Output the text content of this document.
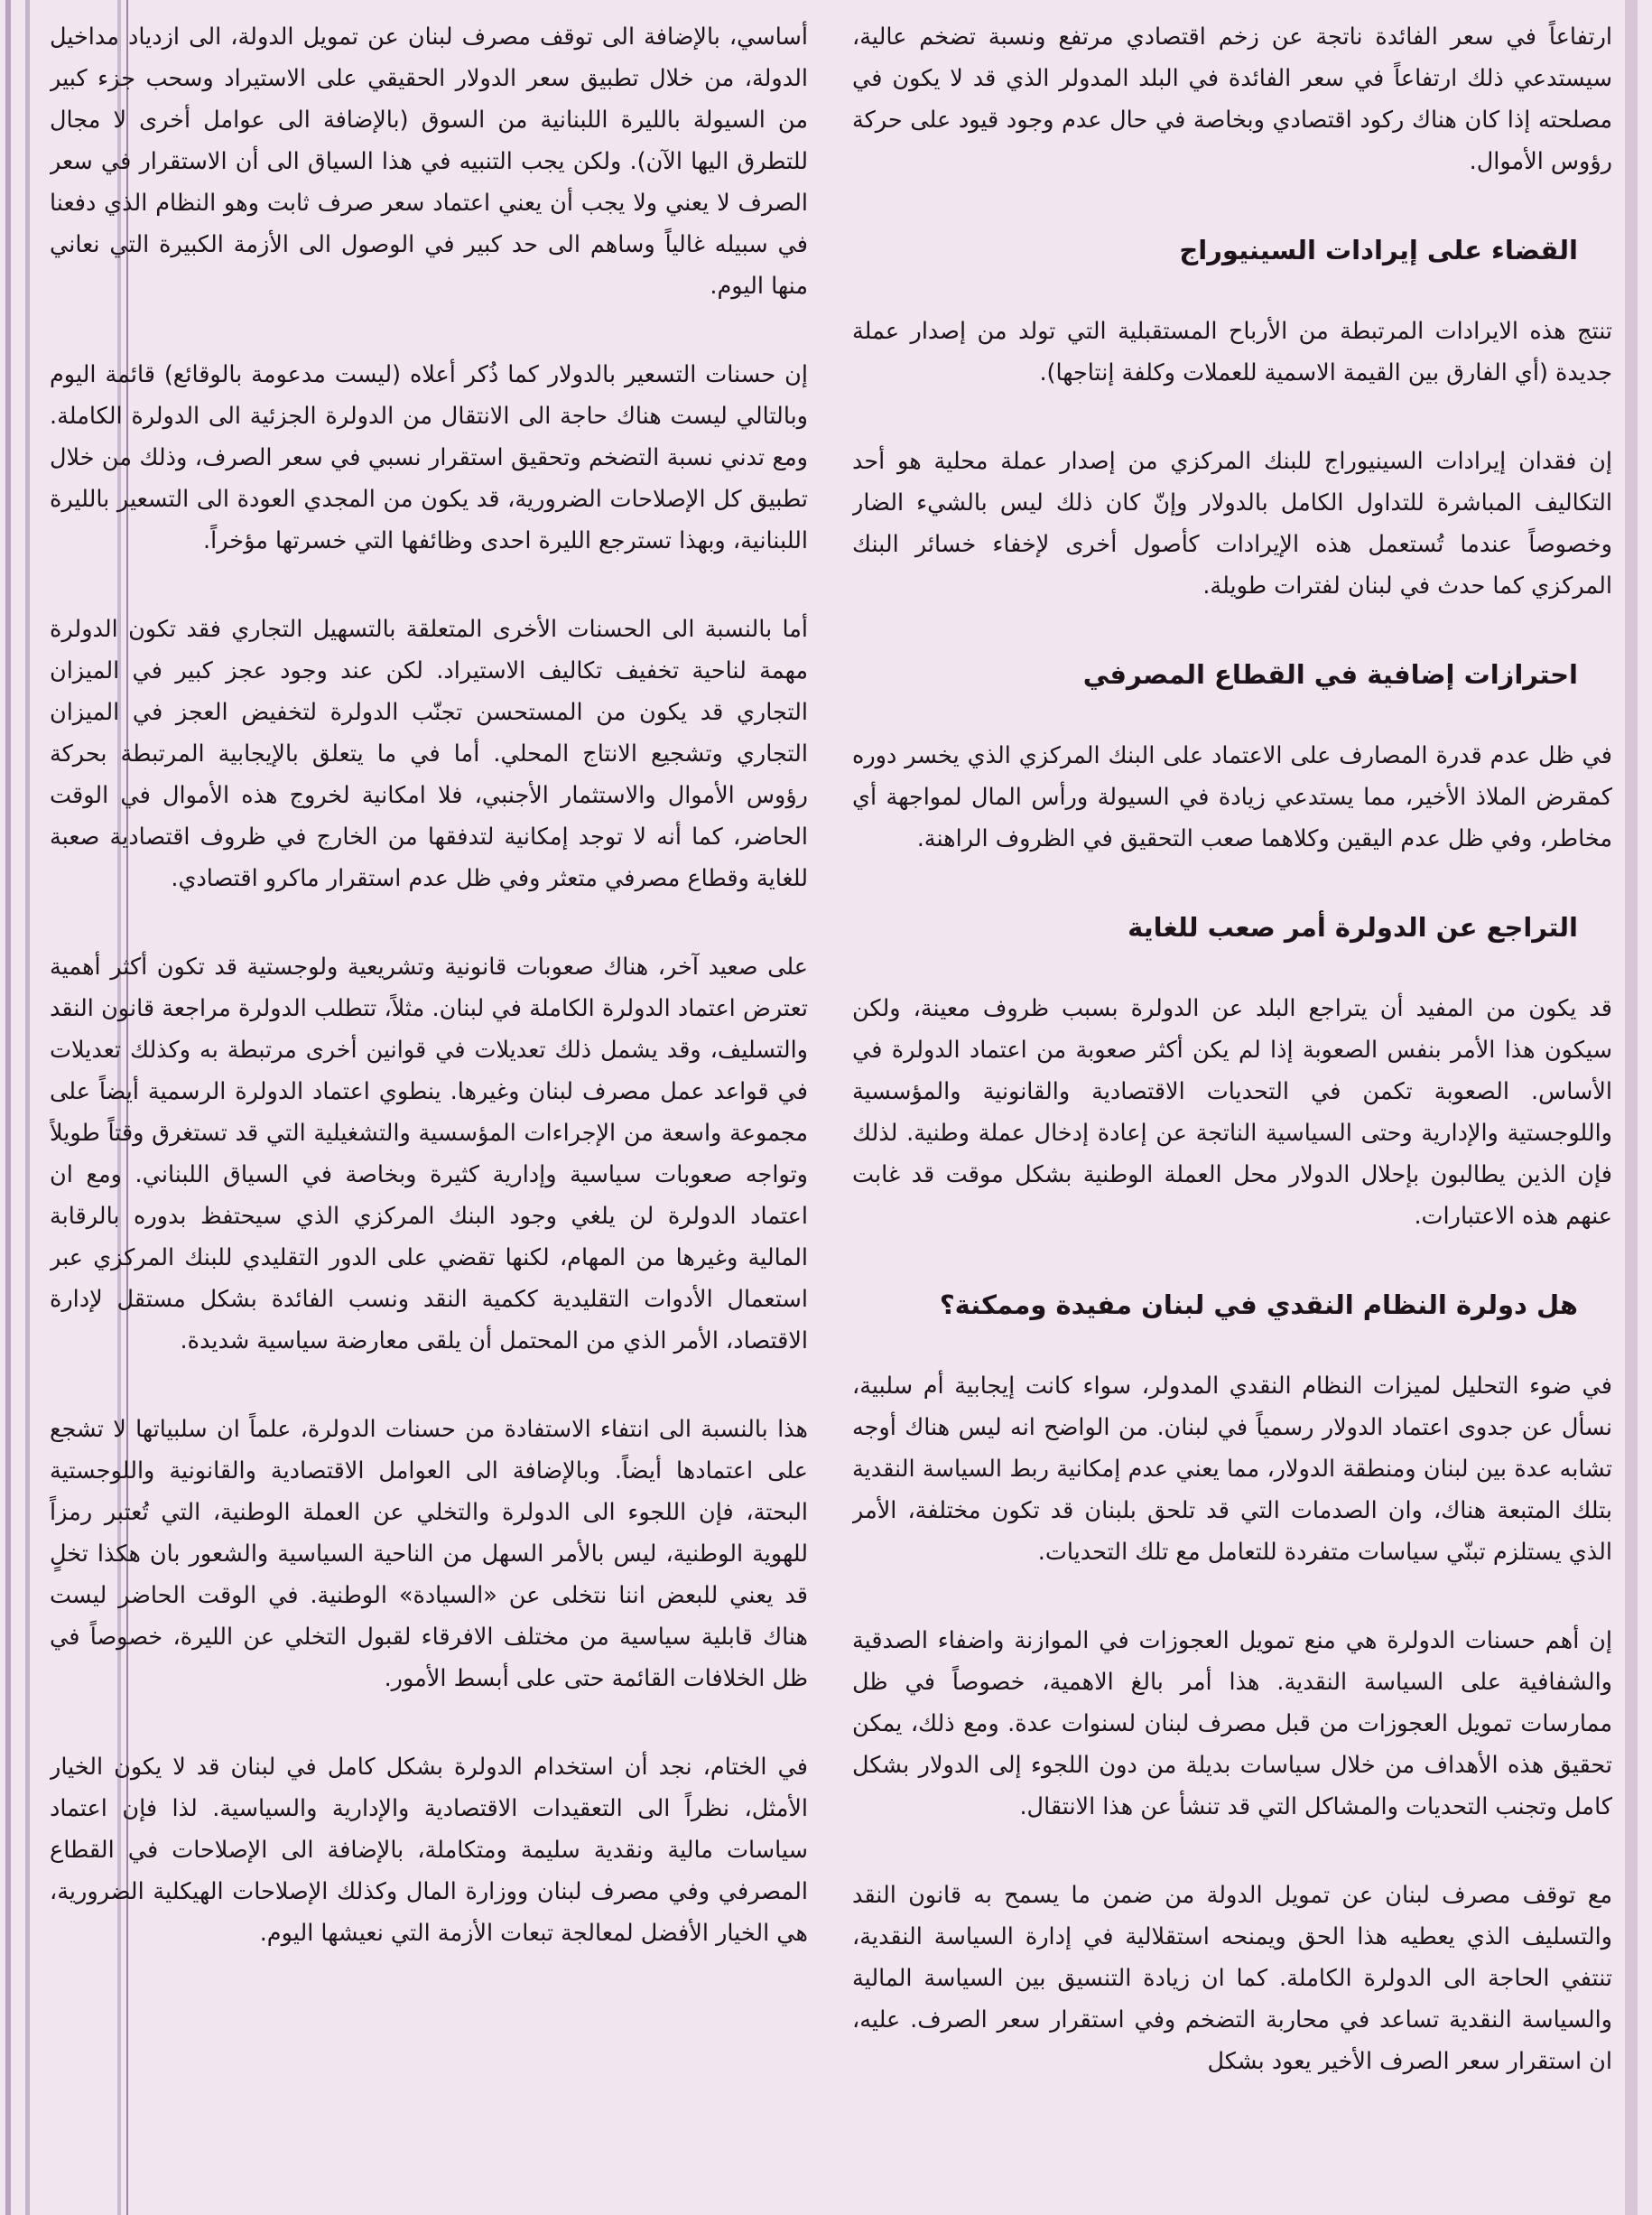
ارتفاعاً في سعر الفائدة ناتجة عن زخم اقتصادي مرتفع ونسبة تضخم عالية، سيستدعي ذلك ارتفاعاً في سعر الفائدة في البلد المدولر الذي قد لا يكون في مصلحته إذا كان هناك ركود اقتصادي وبخاصة في حال عدم وجود قيود على حركة رؤوس الأموال.

القضاء على إيرادات السينيوراج

تنتج هذه الايرادات المرتبطة من الأرباح المستقبلية التي تولد من إصدار عملة جديدة (أي الفارق بين القيمة الاسمية للعملات وكلفة إنتاجها).

إن فقدان إيرادات السينيوراج للبنك المركزي من إصدار عملة محلية هو أحد التكاليف المباشرة للتداول الكامل بالدولار وإنّ كان ذلك ليس بالشيء الضار وخصوصاً عندما تُستعمل هذه الإيرادات كأصول أخرى لإخفاء خسائر البنك المركزي كما حدث في لبنان لفترات طويلة.

احترازات إضافية في القطاع المصرفي

في ظل عدم قدرة المصارف على الاعتماد على البنك المركزي الذي يخسر دوره كمقرض الملاذ الأخير، مما يستدعي زيادة في السيولة ورأس المال لمواجهة أي مخاطر، وفي ظل عدم اليقين وكلاهما صعب التحقيق في الظروف الراهنة.

التراجع عن الدولرة أمر صعب للغاية

قد يكون من المفيد أن يتراجع البلد عن الدولرة بسبب ظروف معينة، ولكن سيكون هذا الأمر بنفس الصعوبة إذا لم يكن أكثر صعوبة من اعتماد الدولرة في الأساس. الصعوبة تكمن في التحديات الاقتصادية والقانونية والمؤسسية واللوجستية والإدارية وحتى السياسية الناتجة عن إعادة إدخال عملة وطنية. لذلك فإن الذين يطالبون بإحلال الدولار محل العملة الوطنية بشكل موقت قد غابت عنهم هذه الاعتبارات.

هل دولرة النظام النقدي في لبنان مفيدة وممكنة؟

في ضوء التحليل لميزات النظام النقدي المدولر، سواء كانت إيجابية أم سلبية، نسأل عن جدوى اعتماد الدولار رسمياً في لبنان. من الواضح انه ليس هناك أوجه تشابه عدة بين لبنان ومنطقة الدولار، مما يعني عدم إمكانية ربط السياسة النقدية بتلك المتبعة هناك، وان الصدمات التي قد تلحق بلبنان قد تكون مختلفة، الأمر الذي يستلزم تبنّي سياسات متفردة للتعامل مع تلك التحديات.

إن أهم حسنات الدولرة هي منع تمويل العجوزات في الموازنة واضفاء الصدقية والشفافية على السياسة النقدية. هذا أمر بالغ الاهمية، خصوصاً في ظل ممارسات تمويل العجوزات من قبل مصرف لبنان لسنوات عدة. ومع ذلك، يمكن تحقيق هذه الأهداف من خلال سياسات بديلة من دون اللجوء إلى الدولار بشكل كامل وتجنب التحديات والمشاكل التي قد تنشأ عن هذا الانتقال.

مع توقف مصرف لبنان عن تمويل الدولة من ضمن ما يسمح به قانون النقد والتسليف الذي يعطيه هذا الحق ويمنحه استقلالية في إدارة السياسة النقدية، تنتفي الحاجة الى الدولرة الكاملة. كما ان زيادة التنسيق بين السياسة المالية والسياسة النقدية تساعد في محاربة التضخم وفي استقرار سعر الصرف. عليه، ان استقرار سعر الصرف الأخير يعود بشكل

أساسي، بالإضافة الى توقف مصرف لبنان عن تمويل الدولة، الى ازدياد مداخيل الدولة، من خلال تطبيق سعر الدولار الحقيقي على الاستيراد وسحب جزء كبير من السيولة بالليرة اللبنانية من السوق (بالإضافة الى عوامل أخرى لا مجال للتطرق اليها الآن). ولكن يجب التنبيه في هذا السياق الى أن الاستقرار في سعر الصرف لا يعني ولا يجب أن يعني اعتماد سعر صرف ثابت وهو النظام الذي دفعنا في سبيله غالياً وساهم الى حد كبير في الوصول الى الأزمة الكبيرة التي نعاني منها اليوم.

إن حسنات التسعير بالدولار كما ذُكر أعلاه (ليست مدعومة بالوقائع) قائمة اليوم وبالتالي ليست هناك حاجة الى الانتقال من الدولرة الجزئية الى الدولرة الكاملة. ومع تدني نسبة التضخم وتحقيق استقرار نسبي في سعر الصرف، وذلك من خلال تطبيق كل الإصلاحات الضرورية، قد يكون من المجدي العودة الى التسعير بالليرة اللبنانية، وبهذا تسترجع الليرة احدى وظائفها التي خسرتها مؤخراً.

أما بالنسبة الى الحسنات الأخرى المتعلقة بالتسهيل التجاري فقد تكون الدولرة مهمة لناحية تخفيف تكاليف الاستيراد. لكن عند وجود عجز كبير في الميزان التجاري قد يكون من المستحسن تجنّب الدولرة لتخفيض العجز في الميزان التجاري وتشجيع الانتاج المحلي. أما في ما يتعلق بالإيجابية المرتبطة بحركة رؤوس الأموال والاستثمار الأجنبي، فلا امكانية لخروج هذه الأموال في الوقت الحاضر، كما أنه لا توجد إمكانية لتدفقها من الخارج في ظروف اقتصادية صعبة للغاية وقطاع مصرفي متعثر وفي ظل عدم استقرار ماكرو اقتصادي.

على صعيد آخر، هناك صعوبات قانونية وتشريعية ولوجستية قد تكون أكثر أهمية تعترض اعتماد الدولرة الكاملة في لبنان. مثلاً، تتطلب الدولرة مراجعة قانون النقد والتسليف، وقد يشمل ذلك تعديلات في قوانين أخرى مرتبطة به وكذلك تعديلات في قواعد عمل مصرف لبنان وغيرها. ينطوي اعتماد الدولرة الرسمية أيضاً على مجموعة واسعة من الإجراءات المؤسسية والتشغيلية التي قد تستغرق وقتاً طويلاً وتواجه صعوبات سياسية وإدارية كثيرة وبخاصة في السياق اللبناني. ومع ان اعتماد الدولرة لن يلغي وجود البنك المركزي الذي سيحتفظ بدوره بالرقابة المالية وغيرها من المهام، لكنها تقضي على الدور التقليدي للبنك المركزي عبر استعمال الأدوات التقليدية ككمية النقد ونسب الفائدة بشكل مستقل لإدارة الاقتصاد، الأمر الذي من المحتمل أن يلقى معارضة سياسية شديدة.

هذا بالنسبة الى انتفاء الاستفادة من حسنات الدولرة، علماً ان سلبياتها لا تشجع على اعتمادها أيضاً. وبالإضافة الى العوامل الاقتصادية والقانونية واللوجستية البحتة، فإن اللجوء الى الدولرة والتخلي عن العملة الوطنية، التي تُعتبر رمزاً للهوية الوطنية، ليس بالأمر السهل من الناحية السياسية والشعور بان هكذا تخلٍ قد يعني للبعض اننا نتخلى عن «السيادة» الوطنية. في الوقت الحاضر ليست هناك قابلية سياسية من مختلف الافرقاء لقبول التخلي عن الليرة، خصوصاً في ظل الخلافات القائمة حتى على أبسط الأمور.

في الختام، نجد أن استخدام الدولرة بشكل كامل في لبنان قد لا يكون الخيار الأمثل، نظراً الى التعقيدات الاقتصادية والإدارية والسياسية. لذا فإن اعتماد سياسات مالية ونقدية سليمة ومتكاملة، بالإضافة الى الإصلاحات في القطاع المصرفي وفي مصرف لبنان ووزارة المال وكذلك الإصلاحات الهيكلية الضرورية، هي الخيار الأفضل لمعالجة تبعات الأزمة التي نعيشها اليوم.
